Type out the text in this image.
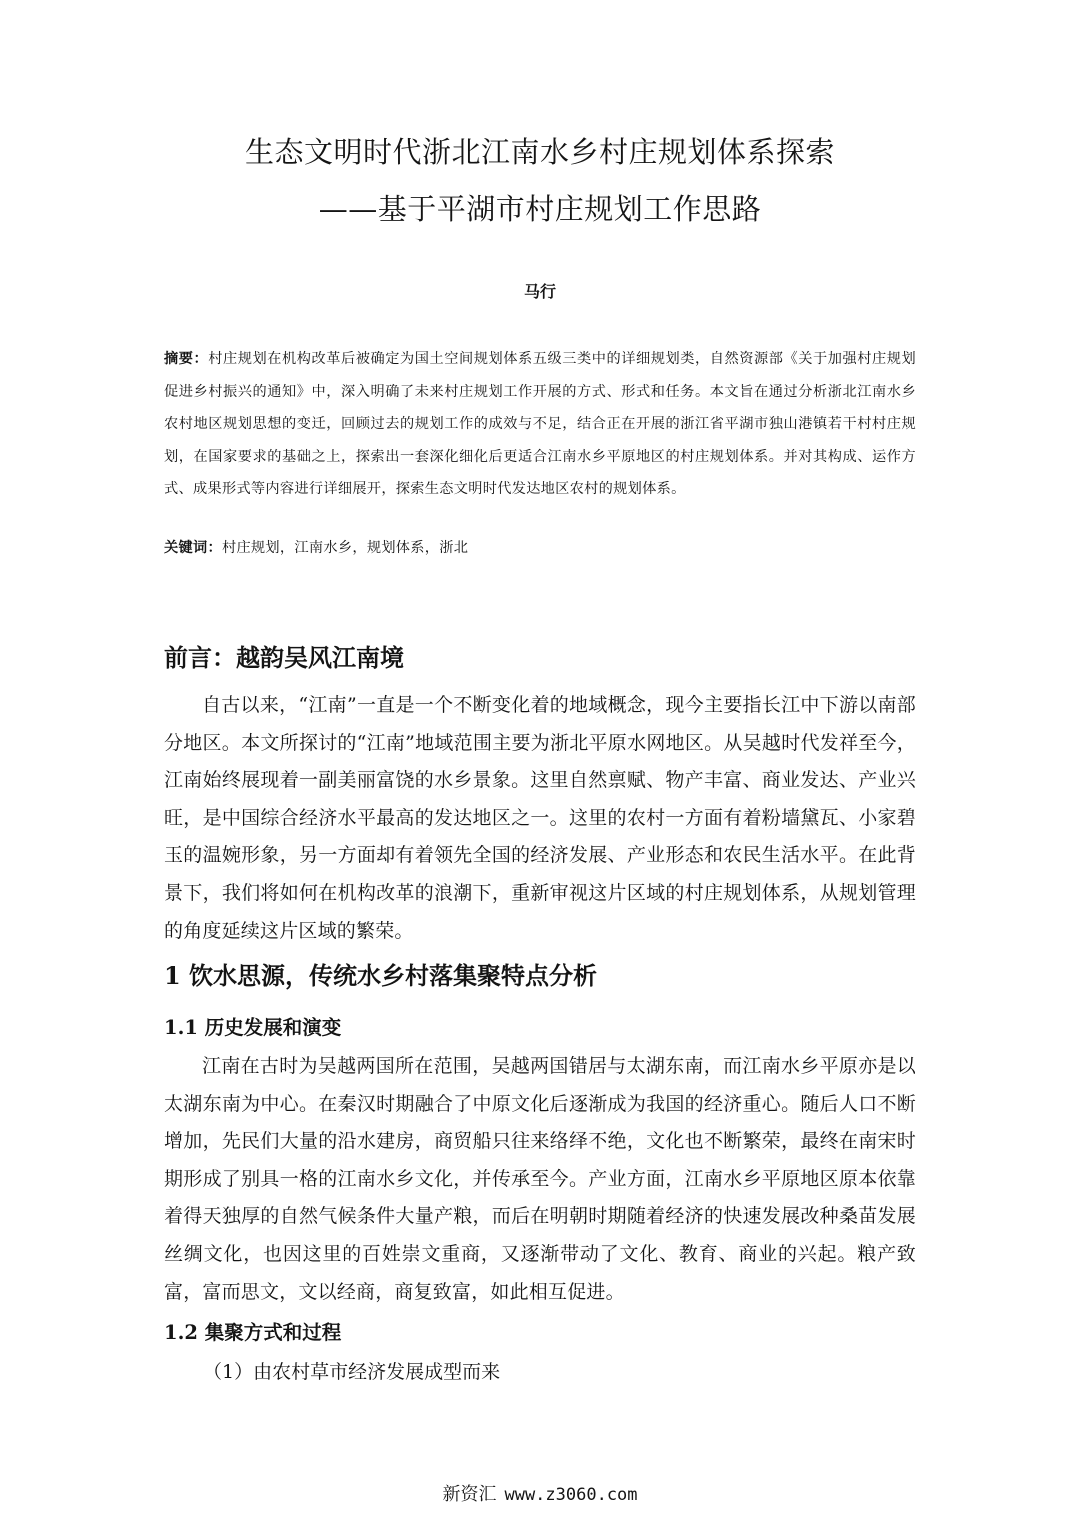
生态文明时代浙北江南水乡村庄规划体系探索
——基于平湖市村庄规划工作思路

马行

摘要：村庄规划在机构改革后被确定为国土空间规划体系五级三类中的详细规划类，自然资源部《关于加强村庄规划促进乡村振兴的通知》中，深入明确了未来村庄规划工作开展的方式、形式和任务。本文旨在通过分析浙北江南水乡农村地区规划思想的变迁，回顾过去的规划工作的成效与不足，结合正在开展的浙江省平湖市独山港镇若干村村庄规划，在国家要求的基础之上，探索出一套深化细化后更适合江南水乡平原地区的村庄规划体系。并对其构成、运作方式、成果形式等内容进行详细展开，探索生态文明时代发达地区农村的规划体系。

关键词：村庄规划，江南水乡，规划体系，浙北

前言：越韵吴风江南境

自古以来，“江南”一直是一个不断变化着的地域概念，现今主要指长江中下游以南部分地区。本文所探讨的“江南”地域范围主要为浙北平原水网地区。从吴越时代发祥至今，江南始终展现着一副美丽富饶的水乡景象。这里自然禀赋、物产丰富、商业发达、产业兴旺，是中国综合经济水平最高的发达地区之一。这里的农村一方面有着粉墙黛瓦、小家碧玉的温婉形象，另一方面却有着领先全国的经济发展、产业形态和农民生活水平。在此背景下，我们将如何在机构改革的浪潮下，重新审视这片区域的村庄规划体系，从规划管理的角度延续这片区域的繁荣。

1 饮水思源，传统水乡村落集聚特点分析
1.1 历史发展和演变

江南在古时为吴越两国所在范围，吴越两国错居与太湖东南，而江南水乡平原亦是以太湖东南为中心。在秦汉时期融合了中原文化后逐渐成为我国的经济重心。随后人口不断增加，先民们大量的沿水建房，商贸船只往来络绎不绝，文化也不断繁荣，最终在南宋时期形成了别具一格的江南水乡文化，并传承至今。产业方面，江南水乡平原地区原本依靠着得天独厚的自然气候条件大量产粮，而后在明朝时期随着经济的快速发展改种桑苗发展丝绸文化，也因这里的百姓崇文重商，又逐渐带动了文化、教育、商业的兴起。粮产致富，富而思文，文以经商，商复致富，如此相互促进。

1.2 集聚方式和过程

（1）由农村草市经济发展成型而来

新资汇 www.z3060.com
